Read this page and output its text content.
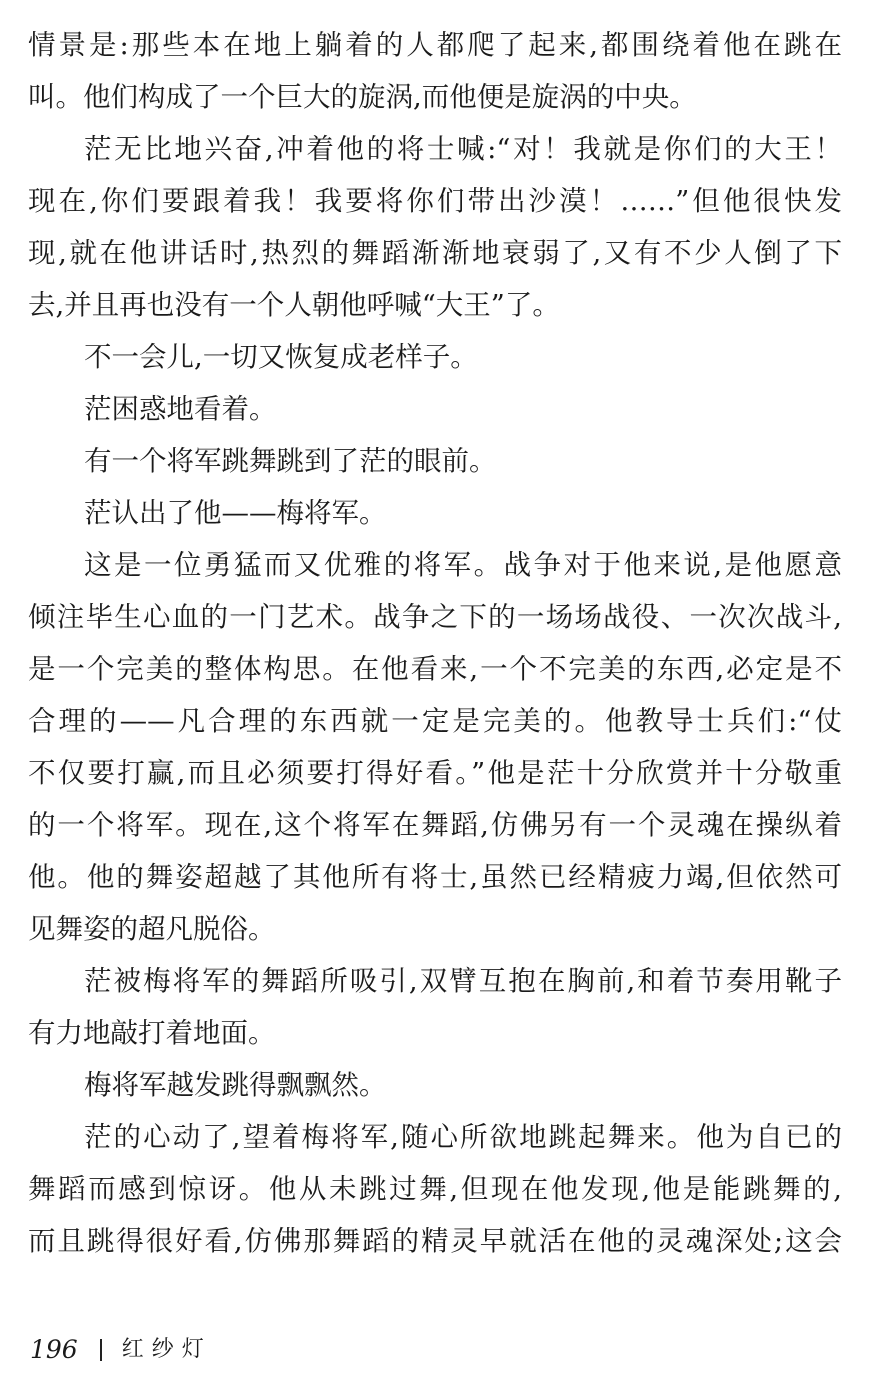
情景是:那些本在地上躺着的人都爬了起来,都围绕着他在跳在
叫。他们构成了一个巨大的旋涡,而他便是旋涡的中央。
茫无比地兴奋,冲着他的将士喊:“对！我就是你们的大王！
现在,你们要跟着我！我要将你们带出沙漠！……”但他很快发
现,就在他讲话时,热烈的舞蹈渐渐地衰弱了,又有不少人倒了下
去,并且再也没有一个人朝他呼喊“大王”了。
不一会儿,一切又恢复成老样子。
茫困惑地看着。
有一个将军跳舞跳到了茫的眼前。
茫认出了他——梅将军。
这是一位勇猛而又优雅的将军。战争对于他来说,是他愿意
倾注毕生心血的一门艺术。战争之下的一场场战役、一次次战斗,
是一个完美的整体构思。在他看来,一个不完美的东西,必定是不
合理的——凡合理的东西就一定是完美的。他教导士兵们:“仗
不仅要打赢,而且必须要打得好看。”他是茫十分欣赏并十分敬重
的一个将军。现在,这个将军在舞蹈,仿佛另有一个灵魂在操纵着
他。他的舞姿超越了其他所有将士,虽然已经精疲力竭,但依然可
见舞姿的超凡脱俗。
茫被梅将军的舞蹈所吸引,双臂互抱在胸前,和着节奏用靴子
有力地敲打着地面。
梅将军越发跳得飘飘然。
茫的心动了,望着梅将军,随心所欲地跳起舞来。他为自已的
舞蹈而感到惊讶。他从未跳过舞,但现在他发现,他是能跳舞的,
而且跳得很好看,仿佛那舞蹈的精灵早就活在他的灵魂深处;这会
196 红纱灯
